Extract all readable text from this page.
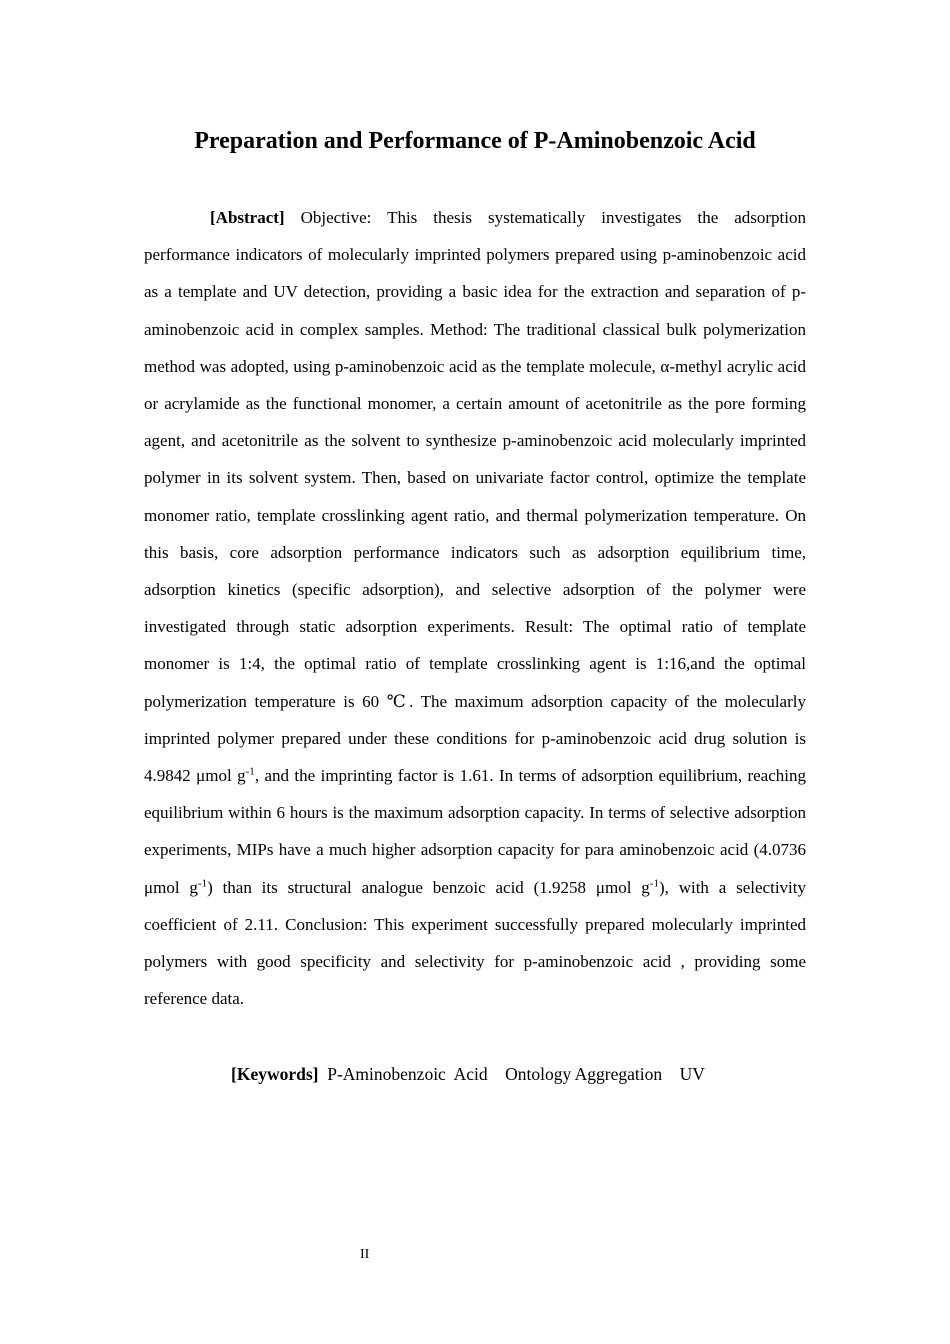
Preparation and Performance of P-Aminobenzoic Acid

[Abstract] Objective: This thesis systematically investigates the adsorption performance indicators of molecularly imprinted polymers prepared using p-aminobenzoic acid as a template and UV detection, providing a basic idea for the extraction and separation of p-aminobenzoic acid in complex samples. Method: The traditional classical bulk polymerization method was adopted, using p-aminobenzoic acid as the template molecule, α-methyl acrylic acid or acrylamide as the functional monomer, a certain amount of acetonitrile as the pore forming agent, and acetonitrile as the solvent to synthesize p-aminobenzoic acid molecularly imprinted polymer in its solvent system. Then, based on univariate factor control, optimize the template monomer ratio, template crosslinking agent ratio, and thermal polymerization temperature. On this basis, core adsorption performance indicators such as adsorption equilibrium time, adsorption kinetics (specific adsorption), and selective adsorption of the polymer were investigated through static adsorption experiments. Result: The optimal ratio of template monomer is 1:4, the optimal ratio of template crosslinking agent is 1:16,and the optimal polymerization temperature is 60 ℃. The maximum adsorption capacity of the molecularly imprinted polymer prepared under these conditions for p-aminobenzoic acid drug solution is 4.9842 μmol $g^{-1}$, and the imprinting factor is 1.61. In terms of adsorption equilibrium, reaching equilibrium within 6 hours is the maximum adsorption capacity. In terms of selective adsorption experiments, MIPs have a much higher adsorption capacity for para aminobenzoic acid (4.0736 μmol $g^{-1}$) than its structural analogue benzoic acid (1.9258 μmol $g^{-1}$), with a selectivity coefficient of 2.11. Conclusion: This experiment successfully prepared molecularly imprinted polymers with good specificity and selectivity for p-aminobenzoic acid , providing some reference data.

[Keywords] P-Aminobenzoic  Acid    Ontology Aggregation    UV

II
